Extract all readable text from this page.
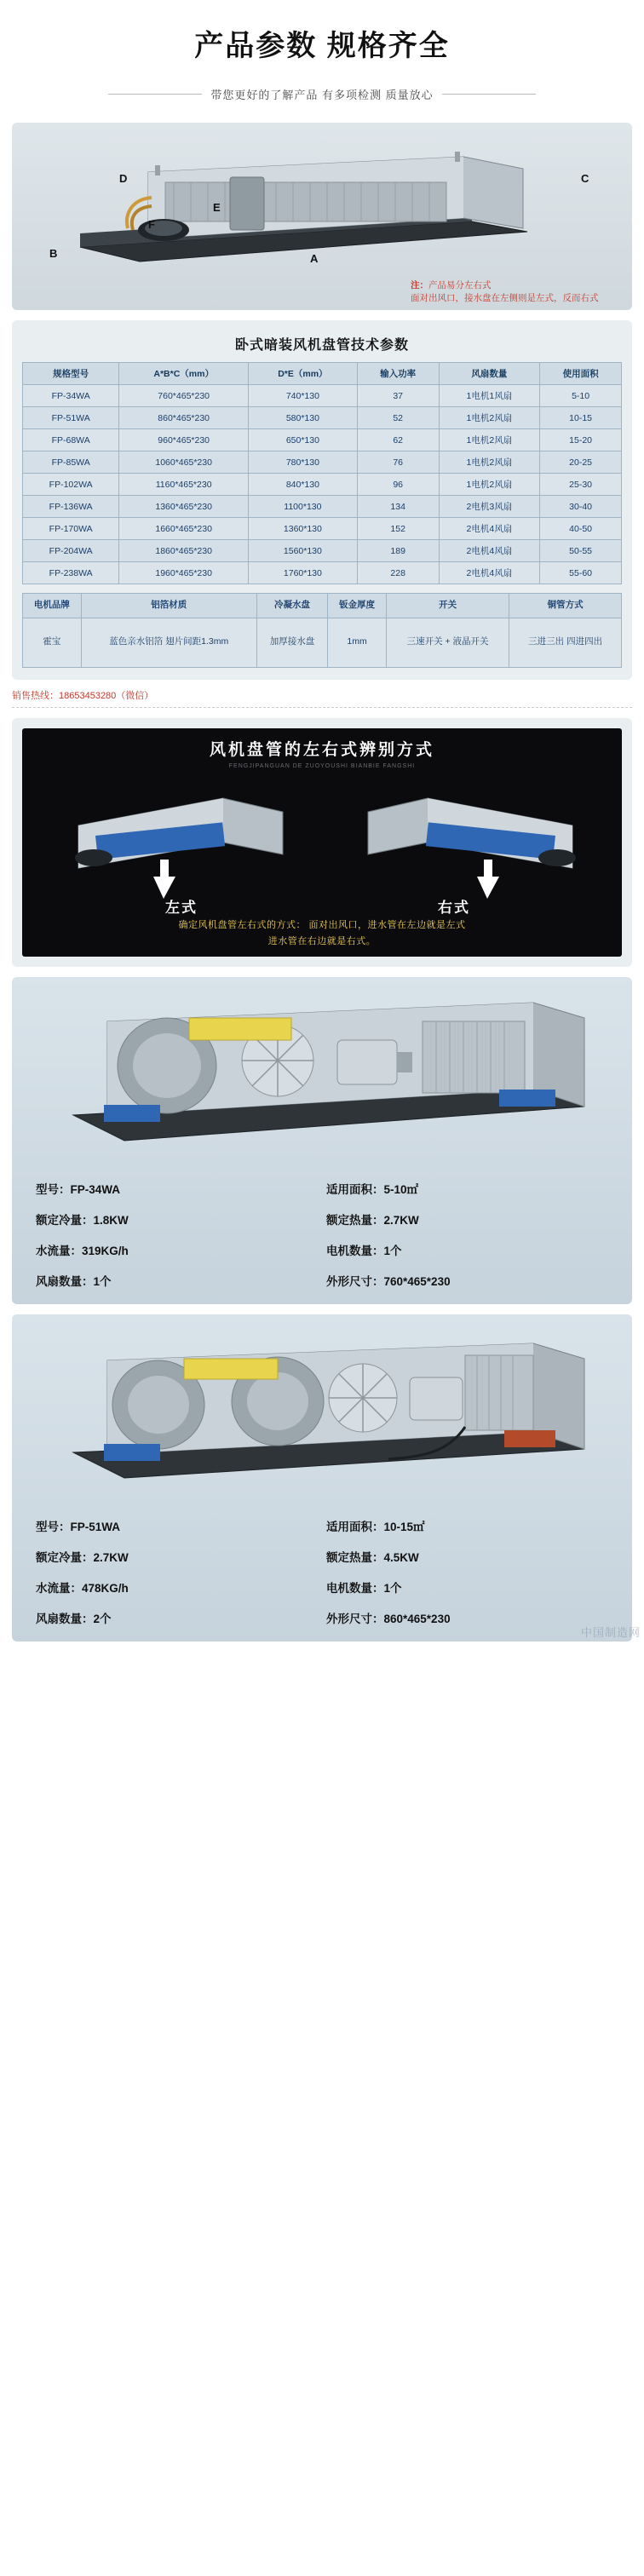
产品参数 规格齐全
带您更好的了解产品 有多项检测 质量放心
C
A
B
D
E
F
注：产品易分左右式
面对出风口，接水盘在左侧则是左式，反而右式
卧式暗装风机盘管技术参数
规格型号	A*B*C（mm）	D*E（mm）	输入功率	风扇数量	使用面积
FP-34WA	760*465*230	740*130	37	1电机1风扇	5-10
FP-51WA	860*465*230	580*130	52	1电机2风扇	10-15
FP-68WA	960*465*230	650*130	62	1电机2风扇	15-20
FP-85WA	1060*465*230	780*130	76	1电机2风扇	20-25
FP-102WA	1160*465*230	840*130	96	1电机2风扇	25-30
FP-136WA	1360*465*230	1100*130	134	2电机3风扇	30-40
FP-170WA	1660*465*230	1360*130	152	2电机4风扇	40-50
FP-204WA	1860*465*230	1560*130	189	2电机4风扇	50-55
FP-238WA	1960*465*230	1760*130	228	2电机4风扇	55-60
电机品牌	铝箔材质	冷凝水盘	钣金厚度	开关	铜管方式
霍宝	蓝色亲水铝箔 翅片间距1.3mm	加厚接水盘	1mm	三速开关 + 液晶开关	三进三出 四进四出
销售热线：18653453280（微信）
风机盘管的左右式辨别方式
FENGJIPANGUAN DE ZUOYOUSHI BIANBIE FANGSHI
左式	右式
确定风机盘管左右式的方式： 面对出风口，进水管在左边就是左式
进水管在右边就是右式。
型号：FP-34WA	适用面积：5-10㎡
额定冷量：1.8KW	额定热量：2.7KW
水流量：319KG/h	电机数量：1个
风扇数量：1个	外形尺寸：760*465*230
型号：FP-51WA	适用面积：10-15㎡
额定冷量：2.7KW	额定热量：4.5KW
水流量：478KG/h	电机数量：1个
风扇数量：2个	外形尺寸：860*465*230
中国制造网
